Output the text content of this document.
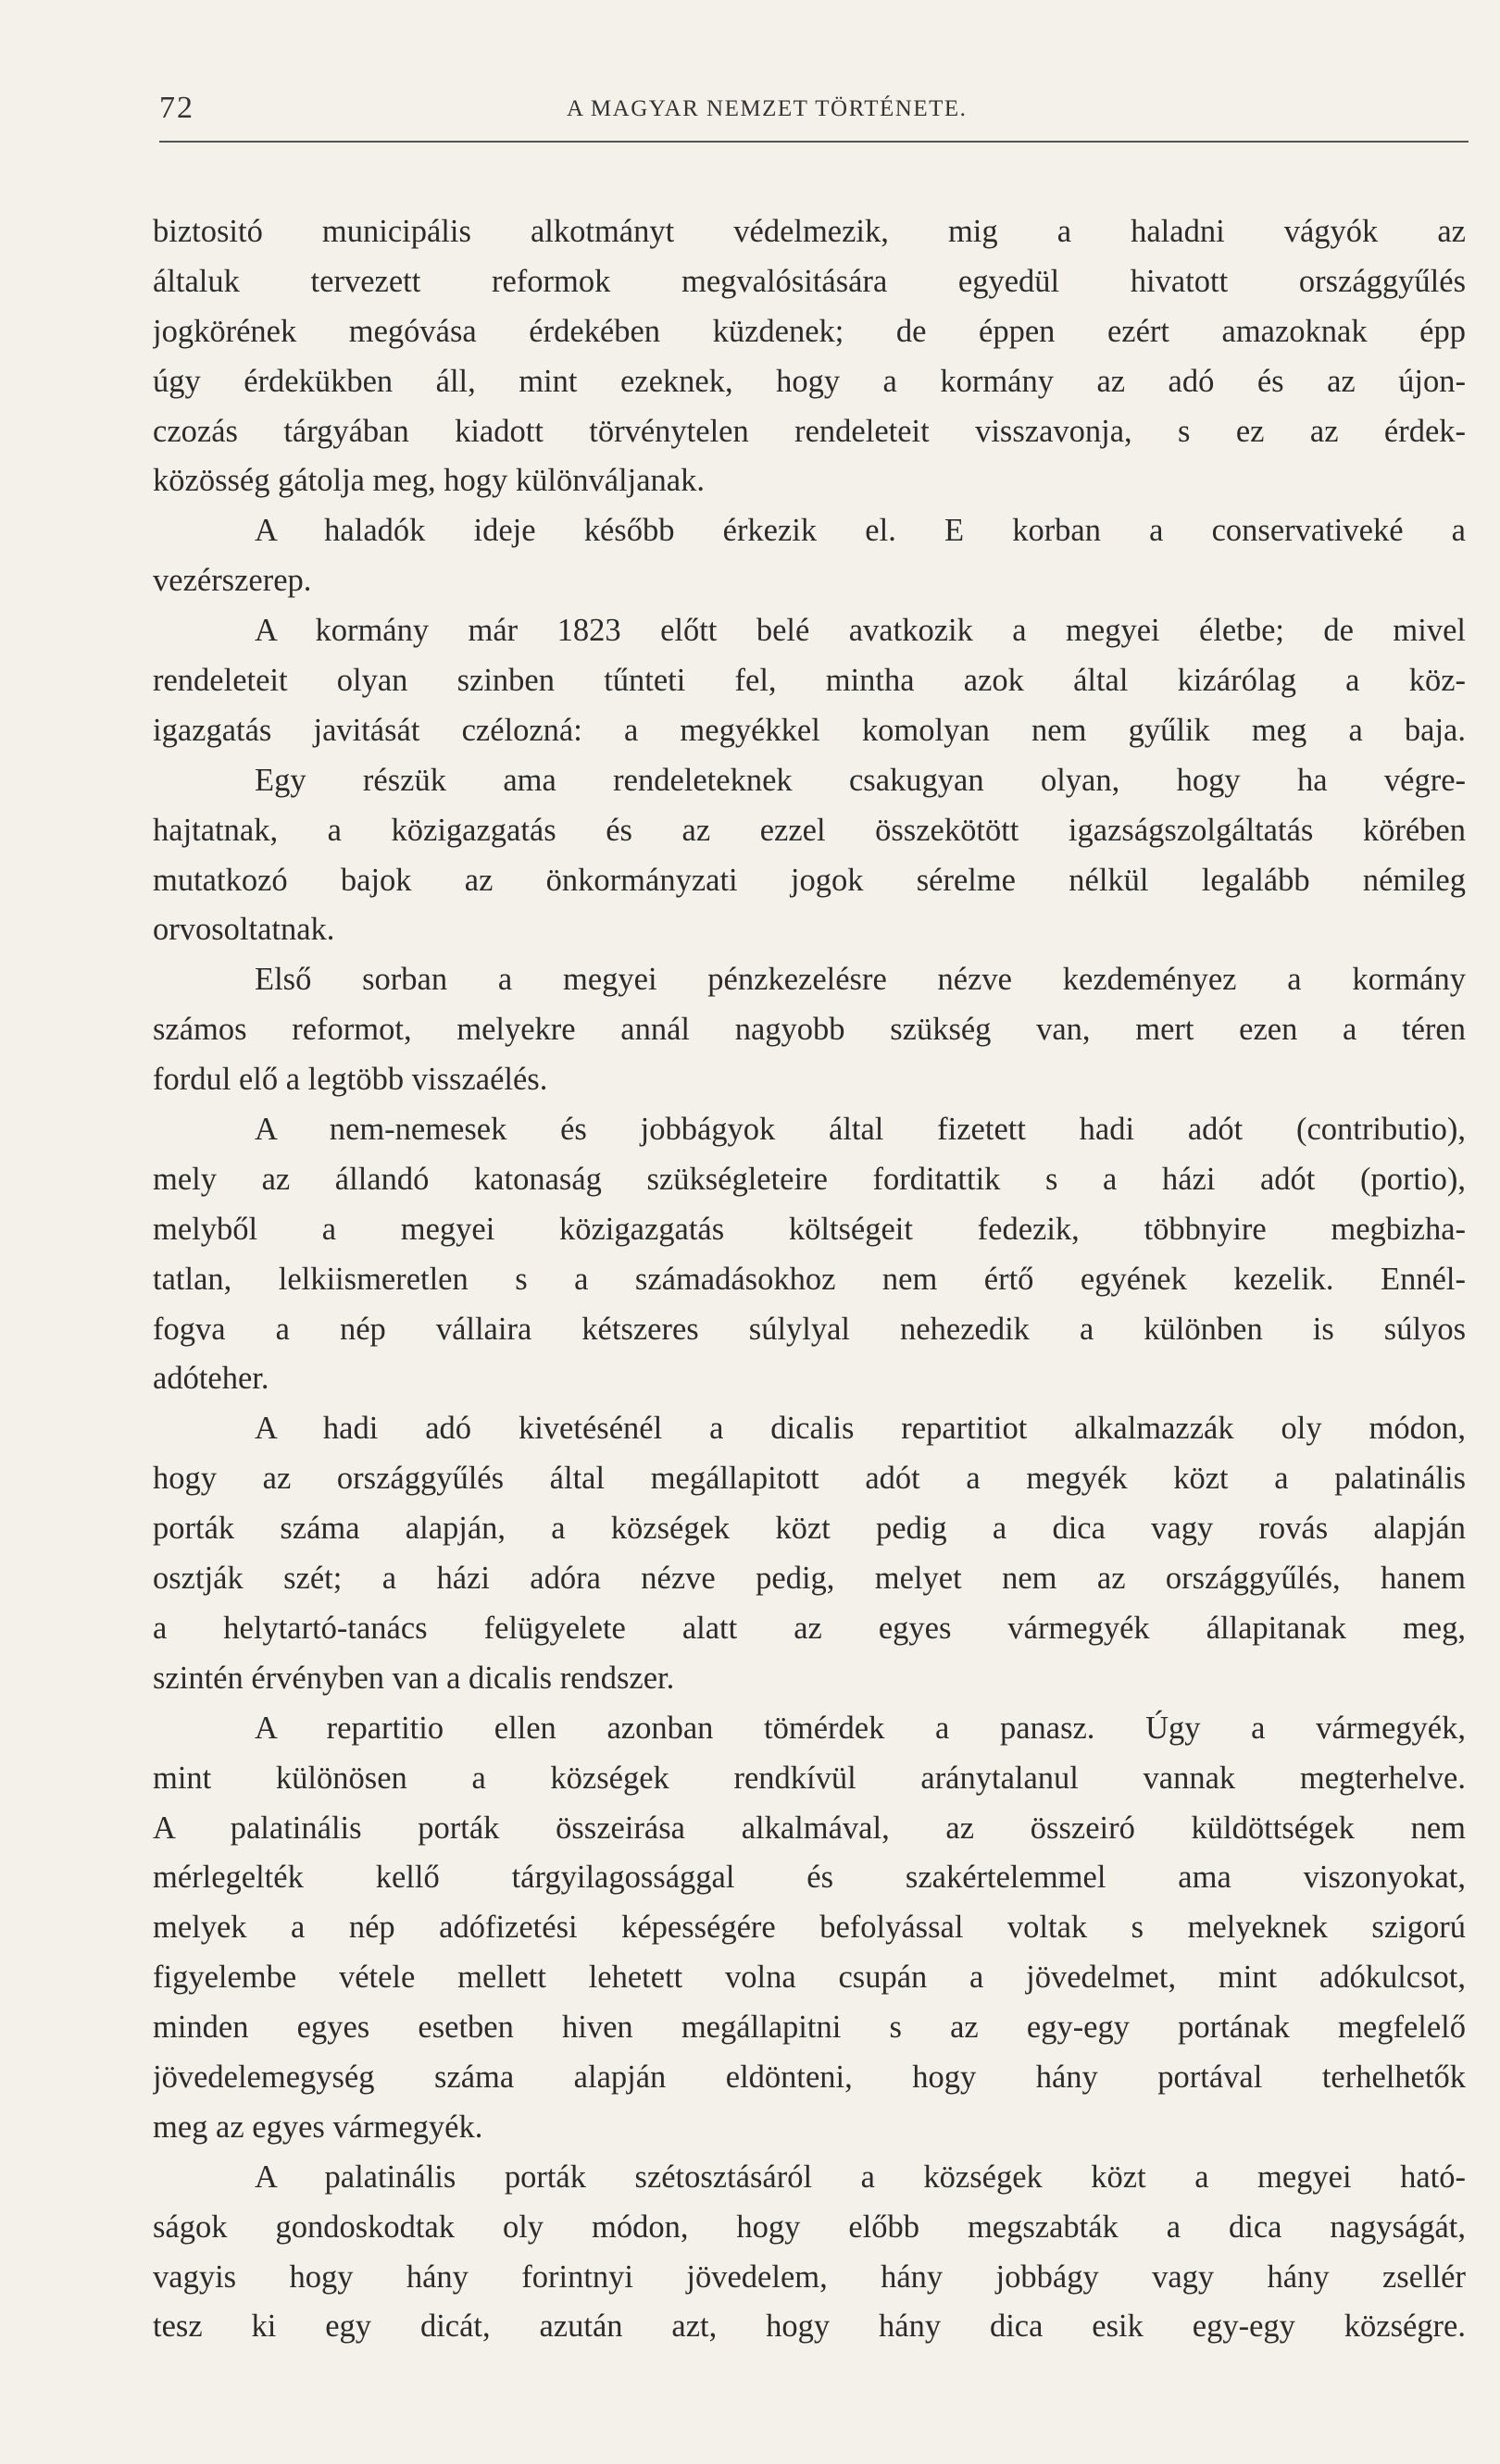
72	A MAGYAR NEMZET TÖRTÉNETE.
biztositó municipális alkotmányt védelmezik, mig a haladni vágyók az
általuk tervezett reformok megvalósitására egyedül hivatott országgyűlés
jogkörének megóvása érdekében küzdenek; de éppen ezért amazoknak épp
úgy érdekükben áll, mint ezeknek, hogy a kormány az adó és az újon-
czozás tárgyában kiadott törvénytelen rendeleteit visszavonja, s ez az érdek-
közösség gátolja meg, hogy különváljanak.
A haladók ideje később érkezik el. E korban a conservativeké a
vezérszerep.
A kormány már 1823 előtt belé avatkozik a megyei életbe; de mivel
rendeleteit olyan szinben tűnteti fel, mintha azok által kizárólag a köz-
igazgatás javitását czélozná: a megyékkel komolyan nem gyűlik meg a baja.
Egy részük ama rendeleteknek csakugyan olyan, hogy ha végre-
hajtatnak, a közigazgatás és az ezzel összekötött igazságszolgáltatás körében
mutatkozó bajok az önkormányzati jogok sérelme nélkül legalább némileg
orvosoltatnak.
Első sorban a megyei pénzkezelésre nézve kezdeményez a kormány
számos reformot, melyekre annál nagyobb szükség van, mert ezen a téren
fordul elő a legtöbb visszaélés.
A nem-nemesek és jobbágyok által fizetett hadi adót (contributio),
mely az állandó katonaság szükségleteire forditattik s a házi adót (portio),
melyből a megyei közigazgatás költségeit fedezik, többnyire megbizha-
tatlan, lelkiismeretlen s a számadásokhoz nem értő egyének kezelik. Ennél-
fogva a nép vállaira kétszeres súlylyal nehezedik a különben is súlyos
adóteher.
A hadi adó kivetésénél a dicalis repartitiot alkalmazzák oly módon,
hogy az országgyűlés által megállapitott adót a megyék közt a palatinális
porták száma alapján, a községek közt pedig a dica vagy rovás alapján
osztják szét; a házi adóra nézve pedig, melyet nem az országgyűlés, hanem
a helytartó-tanács felügyelete alatt az egyes vármegyék állapitanak meg,
szintén érvényben van a dicalis rendszer.
A repartitio ellen azonban tömérdek a panasz. Úgy a vármegyék,
mint különösen a községek rendkívül aránytalanul vannak megterhelve.
A palatinális porták összeirása alkalmával, az összeiró küldöttségek nem
mérlegelték kellő tárgyilagossággal és szakértelemmel ama viszonyokat,
melyek a nép adófizetési képességére befolyással voltak s melyeknek szigorú
figyelembe vétele mellett lehetett volna csupán a jövedelmet, mint adókulcsot,
minden egyes esetben hiven megállapitni s az egy-egy portának megfelelő
jövedelemegység száma alapján eldönteni, hogy hány portával terhelhetők
meg az egyes vármegyék.
A palatinális porták szétosztásáról a községek közt a megyei ható-
ságok gondoskodtak oly módon, hogy előbb megszabták a dica nagyságát,
vagyis hogy hány forintnyi jövedelem, hány jobbágy vagy hány zsellér
tesz ki egy dicát, azután azt, hogy hány dica esik egy-egy községre.
